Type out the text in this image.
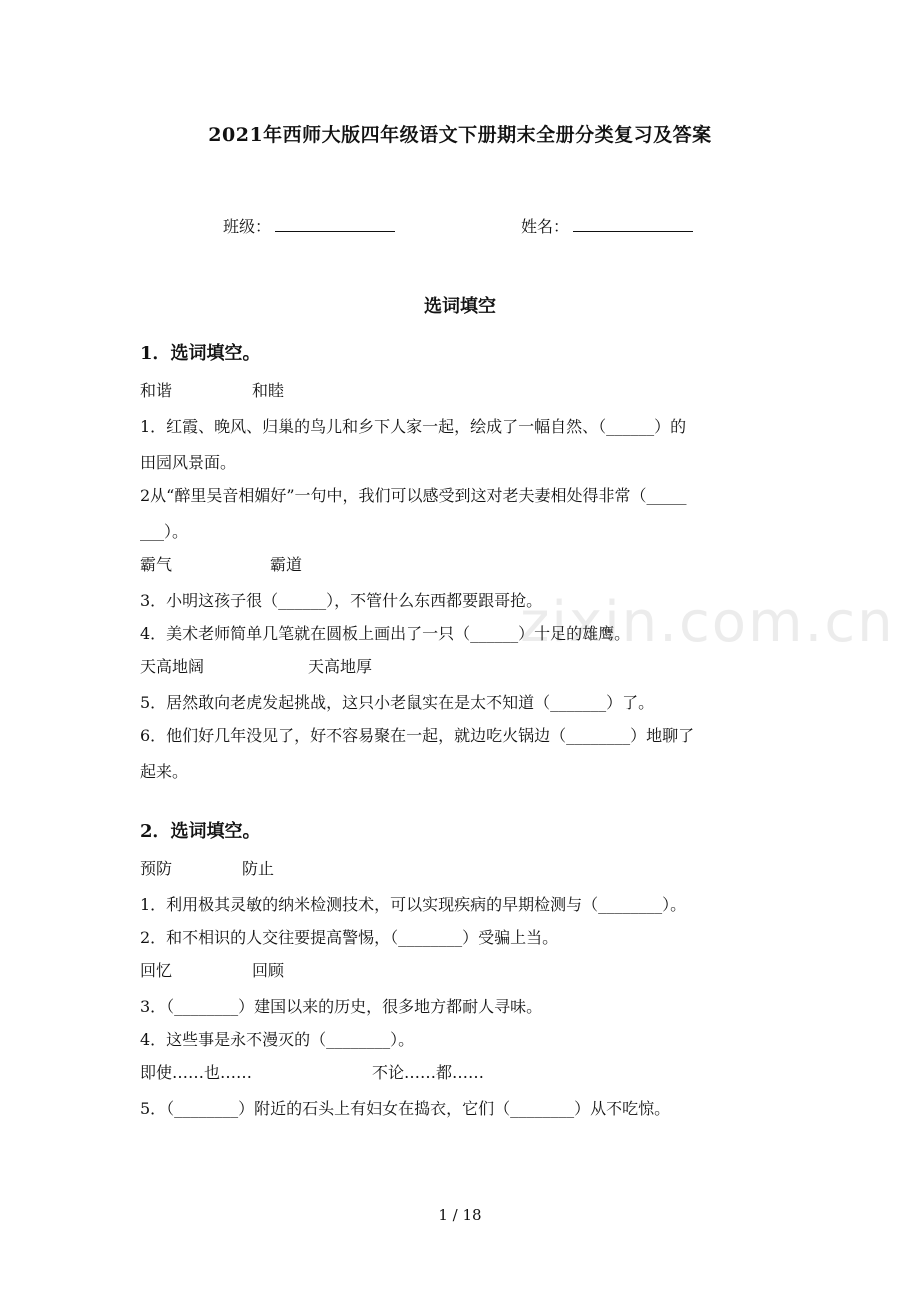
zixin.com.cn
2021年西师大版四年级语文下册期末全册分类复习及答案
班级：	姓名：
选词填空
1．选词填空。
和谐	和睦
1．红霞、晚风、归巢的鸟儿和乡下人家一起，绘成了一幅自然、（______）的
田园风景面。
2从“醉里吴音相媚好”一句中，我们可以感受到这对老夫妻相处得非常（_____
___）。
霸气	霸道
3．小明这孩子很（______），不管什么东西都要跟哥抢。
4．美术老师简单几笔就在圆板上画出了一只（______）十足的雄鹰。
天高地阔	天高地厚
5．居然敢向老虎发起挑战，这只小老鼠实在是太不知道（_______）了。
6．他们好几年没见了，好不容易聚在一起，就边吃火锅边（________）地聊了
起来。
2．选词填空。
预防	防止
1．利用极其灵敏的纳米检测技术，可以实现疾病的早期检测与（________）。
2．和不相识的人交往要提高警惕，（________）受骗上当。
回忆	回顾
3．（________）建国以来的历史，很多地方都耐人寻味。
4．这些事是永不漫灭的（________）。
即使……也……	不论……都……
5．（________）附近的石头上有妇女在捣衣，它们（________）从不吃惊。
1 / 18
